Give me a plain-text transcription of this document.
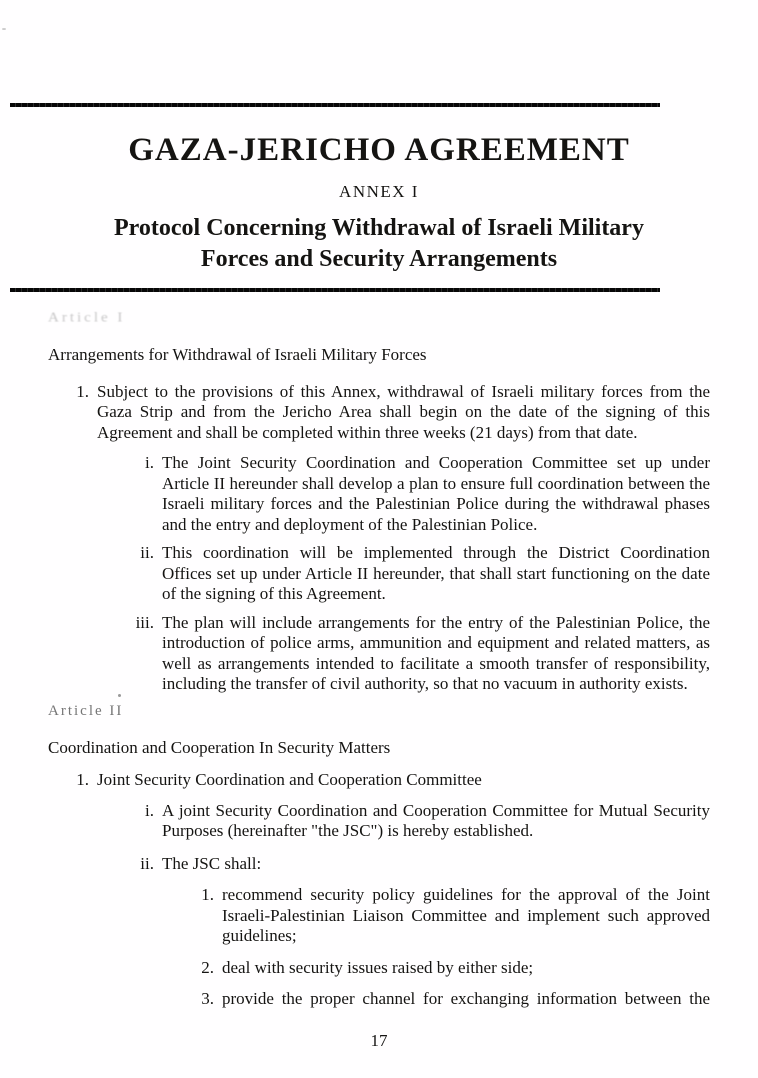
GAZA-JERICHO AGREEMENT
ANNEX I
Protocol Concerning Withdrawal of Israeli Military Forces and Security Arrangements
Article I
Arrangements for Withdrawal of Israeli Military Forces
1. Subject to the provisions of this Annex, withdrawal of Israeli military forces from the Gaza Strip and from the Jericho Area shall begin on the date of the signing of this Agreement and shall be completed within three weeks (21 days) from that date.
i. The Joint Security Coordination and Cooperation Committee set up under Article II hereunder shall develop a plan to ensure full coordination between the Israeli military forces and the Palestinian Police during the withdrawal phases and the entry and deployment of the Palestinian Police.
ii. This coordination will be implemented through the District Coordination Offices set up under Article II hereunder, that shall start functioning on the date of the signing of this Agreement.
iii. The plan will include arrangements for the entry of the Palestinian Police, the introduction of police arms, ammunition and equipment and related matters, as well as arrangements intended to facilitate a smooth transfer of responsibility, including the transfer of civil authority, so that no vacuum in authority exists.
Article II
Coordination and Cooperation In Security Matters
1. Joint Security Coordination and Cooperation Committee
i. A joint Security Coordination and Cooperation Committee for Mutual Security Purposes (hereinafter "the JSC") is hereby established.
ii. The JSC shall:
1. recommend security policy guidelines for the approval of the Joint Israeli-Palestinian Liaison Committee and implement such approved guidelines;
2. deal with security issues raised by either side;
3. provide the proper channel for exchanging information between the
17
